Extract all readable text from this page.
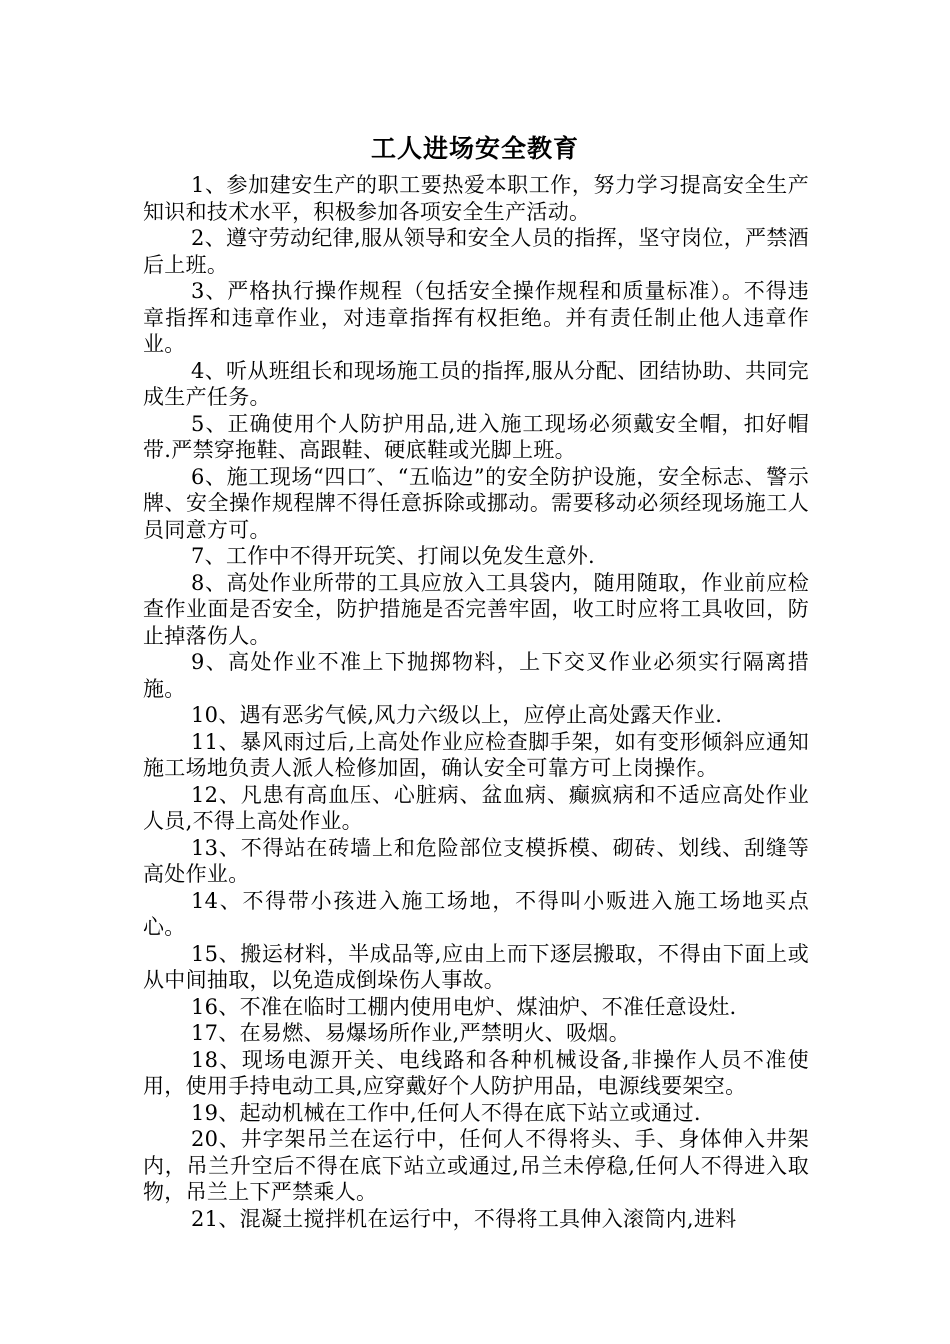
工人进场安全教育

1、参加建安生产的职工要热爱本职工作，努力学习提高安全生产知识和技术水平，积极参加各项安全生产活动。

2、遵守劳动纪律,服从领导和安全人员的指挥，坚守岗位，严禁酒后上班。

3、严格执行操作规程（包括安全操作规程和质量标准）。不得违章指挥和违章作业，对违章指挥有权拒绝。并有责任制止他人违章作业。

4、听从班组长和现场施工员的指挥,服从分配、团结协助、共同完成生产任务。

5、正确使用个人防护用品,进入施工现场必须戴安全帽，扣好帽带.严禁穿拖鞋、高跟鞋、硬底鞋或光脚上班。

6、施工现场“四口″、“五临边”的安全防护设施，安全标志、警示牌、安全操作规程牌不得任意拆除或挪动。需要移动必须经现场施工人员同意方可。

7、工作中不得开玩笑、打闹以免发生意外.

8、高处作业所带的工具应放入工具袋内，随用随取，作业前应检查作业面是否安全，防护措施是否完善牢固，收工时应将工具收回，防止掉落伤人。

9、高处作业不准上下抛掷物料，上下交叉作业必须实行隔离措施。

10、遇有恶劣气候,风力六级以上，应停止高处露天作业.

11、暴风雨过后,上高处作业应检查脚手架，如有变形倾斜应通知施工场地负责人派人检修加固，确认安全可靠方可上岗操作。

12、凡患有高血压、心脏病、盆血病、癫疯病和不适应高处作业人员,不得上高处作业。

13、不得站在砖墙上和危险部位支模拆模、砌砖、划线、刮缝等高处作业。

14、不得带小孩进入施工场地，不得叫小贩进入施工场地买点心。

15、搬运材料，半成品等,应由上而下逐层搬取，不得由下面上或从中间抽取，以免造成倒垛伤人事故。

16、不准在临时工棚内使用电炉、煤油炉、不准任意设灶.

17、在易燃、易爆场所作业,严禁明火、吸烟。

18、现场电源开关、电线路和各种机械设备,非操作人员不准使用，使用手持电动工具,应穿戴好个人防护用品，电源线要架空。

19、起动机械在工作中,任何人不得在底下站立或通过.

20、井字架吊兰在运行中，任何人不得将头、手、身体伸入井架内，吊兰升空后不得在底下站立或通过,吊兰未停稳,任何人不得进入取物，吊兰上下严禁乘人。

21、混凝土搅拌机在运行中，不得将工具伸入滚筒内,进料
